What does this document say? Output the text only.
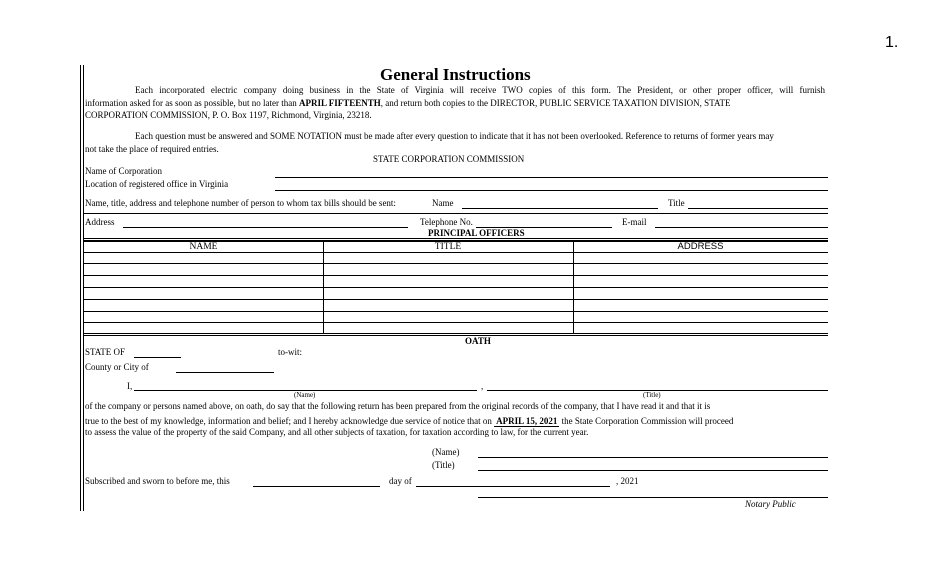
1.
General Instructions
Each incorporated electric company doing business in the State of Virginia will receive TWO copies of this form. The President, or other proper officer, will furnish
information asked for as soon as possible, but no later than APRIL FIFTEENTH, and return both copies to the DIRECTOR, PUBLIC SERVICE TAXATION DIVISION, STATE
CORPORATION COMMISSION, P. O. Box 1197, Richmond, Virginia, 23218.
Each question must be answered and SOME NOTATION must be made after every question to indicate that it has not been overlooked. Reference to returns of former years may
not take the place of required entries.
STATE CORPORATION COMMISSION
Name of Corporation
Location of registered office in Virginia
Name, title, address and telephone number of person to whom tax bills should be sent:	Name	Title
Address	Telephone No.	E-mail
PRINCIPAL OFFICERS
NAME	TITLE	ADDRESS
OATH
STATE OF	to-wit:
County or City of
I,	,
(Name)	(Title)
of the company or persons named above, on oath, do say that the following return has been prepared from the original records of the company, that I have read it and that it is
true to the best of my knowledge, information and belief; and I hereby acknowledge due service of notice that on APRIL 15, 2021 the State Corporation Commission will proceed
to assess the value of the property of the said Company, and all other subjects of taxation, for taxation according to law, for the current year.
(Name)
(Title)
Subscribed and sworn to before me, this	day of	, 2021
Notary Public
